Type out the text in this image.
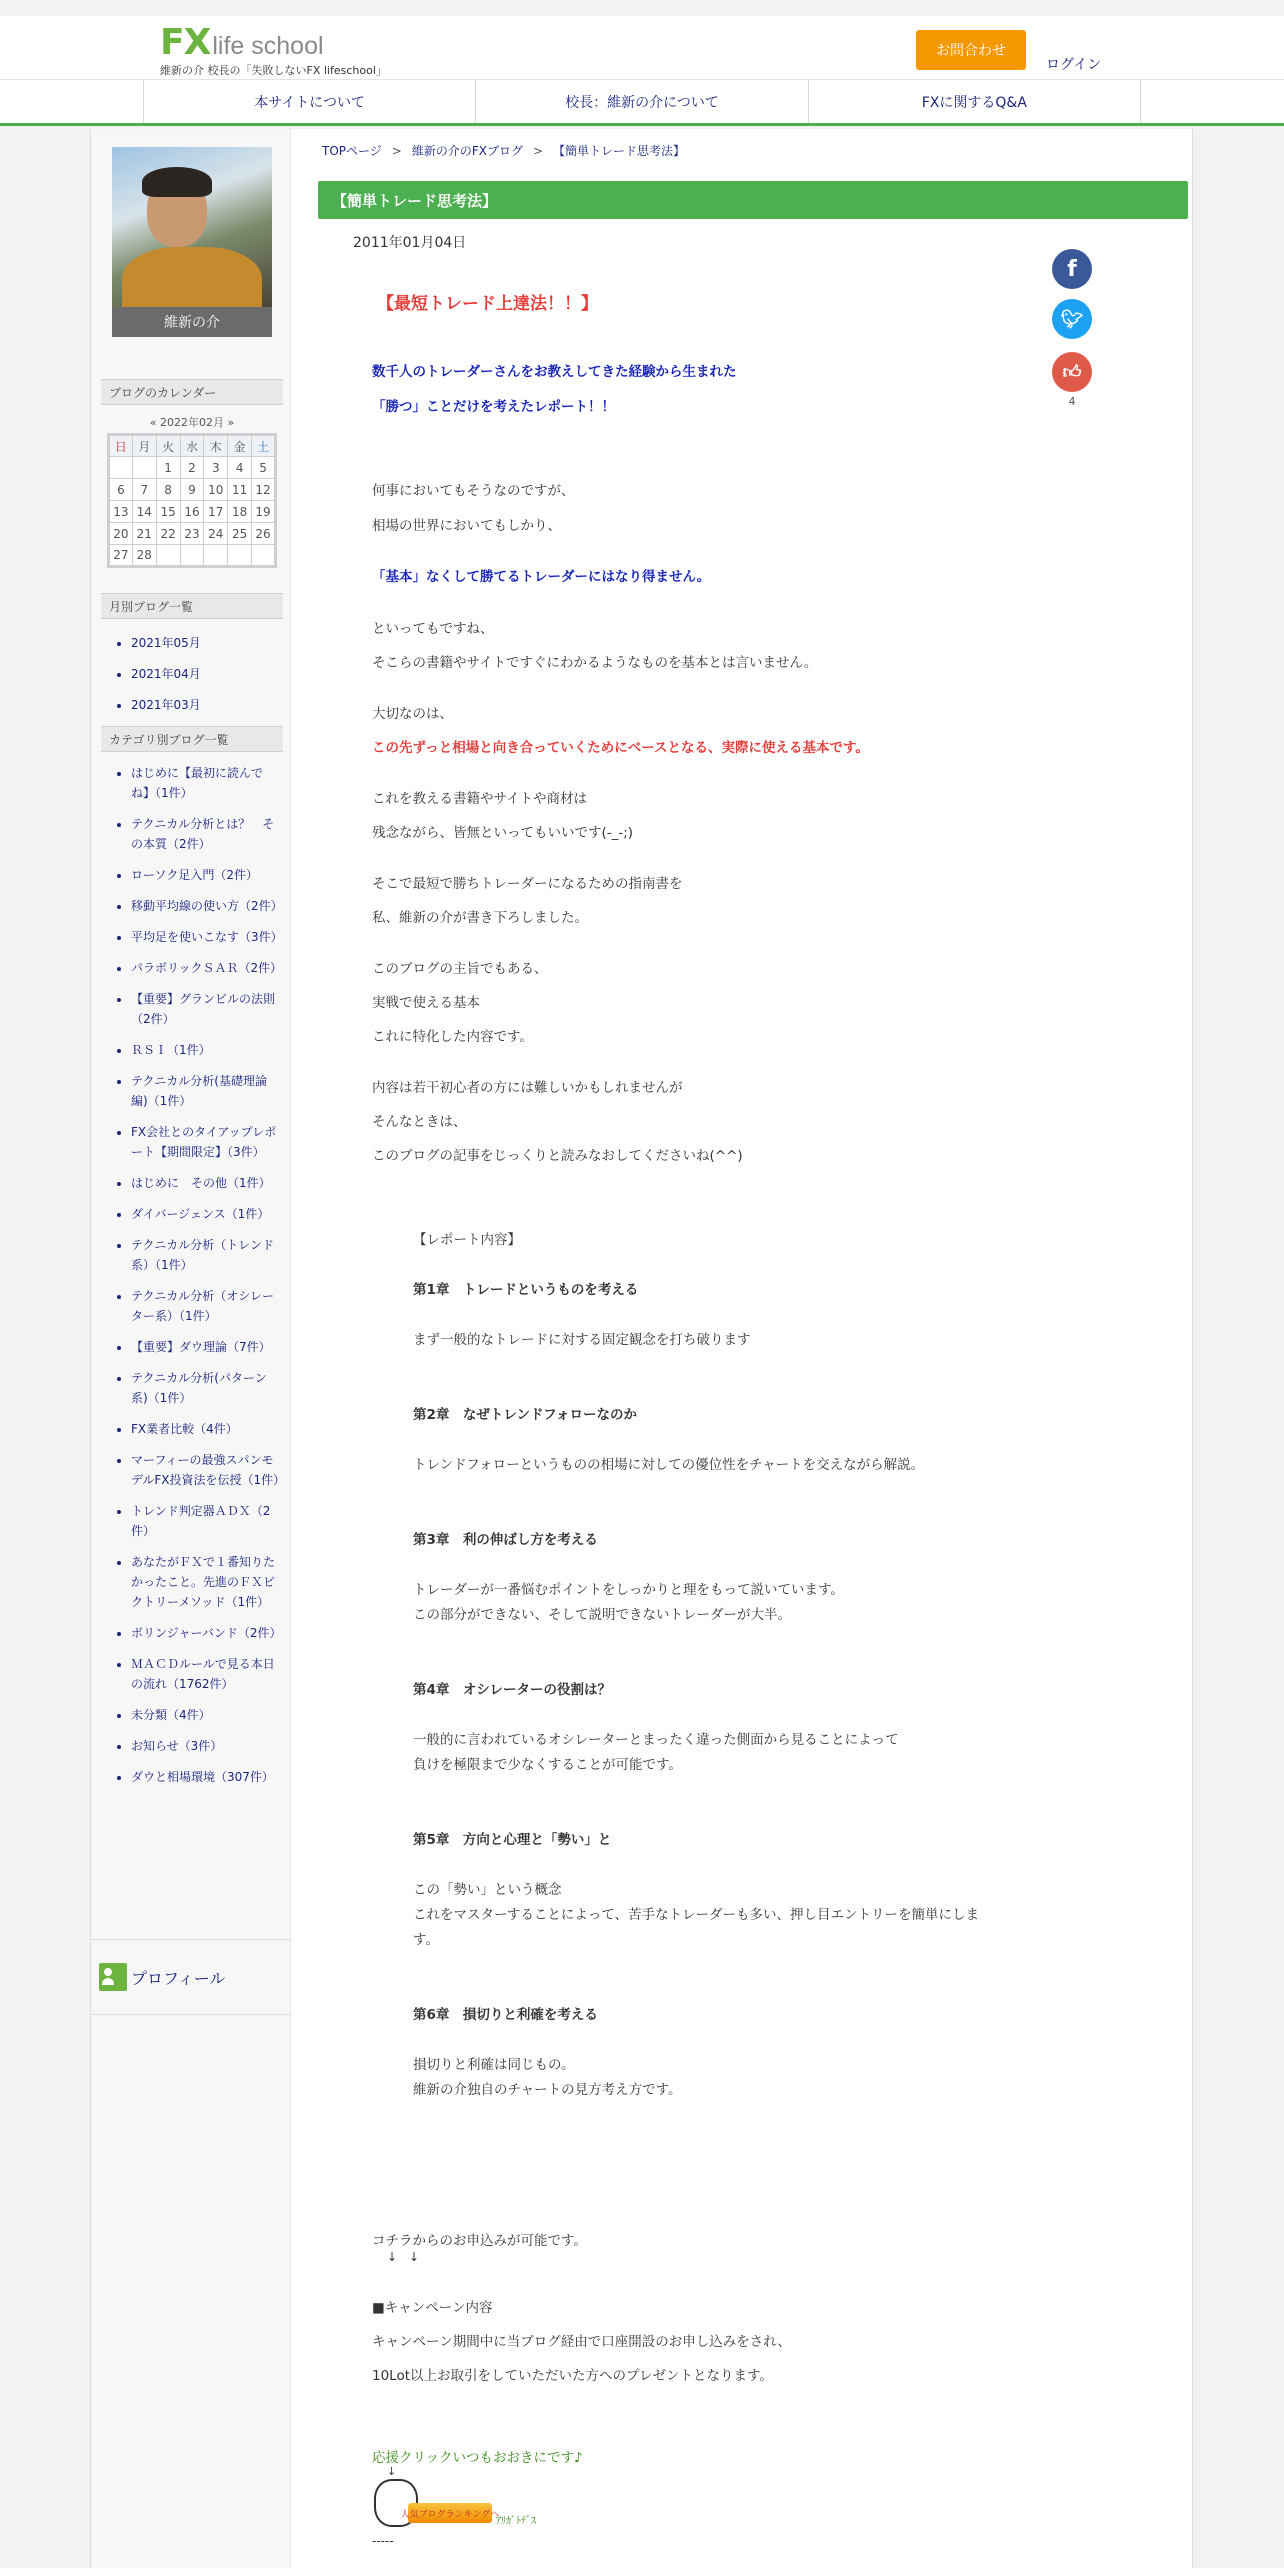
FXlife school
維新の介 校長の「失敗しないFX lifeschool」
お問合わせ
ログイン
本サイトについて	校長：維新の介について	FXに関するQ&A
維新の介
ブログのカレンダー
« 2022年02月 »
日	月	火	水	木	金	土
		1	2	3	4	5
6	7	8	9	10	11	12
13	14	15	16	17	18	19
20	21	22	23	24	25	26
27	28					
月別ブログ一覧
• 2021年05月
• 2021年04月
• 2021年03月
カテゴリ別ブログ一覧
• はじめに【最初に読んでね】（1件）
• テクニカル分析とは？　その本質（2件）
• ローソク足入門（2件）
• 移動平均線の使い方（2件）
• 平均足を使いこなす（3件）
• パラボリックＳＡＲ（2件）
• 【重要】グランビルの法則（2件）
• ＲＳＩ（1件）
• テクニカル分析(基礎理論編)（1件）
• FX会社とのタイアップレポート【期間限定】（3件）
• はじめに　その他（1件）
• ダイバージェンス（1件）
• テクニカル分析（トレンド系）（1件）
• テクニカル分析（オシレーター系）（1件）
• 【重要】ダウ理論（7件）
• テクニカル分析(パターン系)（1件）
• FX業者比較（4件）
• マーフィーの最強スパンモデルFX投資法を伝授（1件）
• トレンド判定器ＡＤＸ（2件）
• あなたがＦＸで１番知りたかったこと。先進のＦＸビクトリーメソッド（1件）
• ボリンジャーバンド（2件）
• ＭＡＣＤルールで見る本日の流れ（1762件）
• 未分類（4件）
• お知らせ（3件）
• ダウと相場環境（307件）
プロフィール
TOPページ > 維新の介のFXブログ > 【簡単トレード思考法】
【簡単トレード思考法】
2011年01月04日
f
🐦︎
👍︎
4
【最短トレード上達法！！】
数千人のトレーダーさんをお教えしてきた経験から生まれた
「勝つ」ことだけを考えたレポート！！
何事においてもそうなのですが、
相場の世界においてもしかり、
「基本」なくして勝てるトレーダーにはなり得ません。
といってもですね、
そこらの書籍やサイトですぐにわかるようなものを基本とは言いません。
大切なのは、
この先ずっと相場と向き合っていくためにベースとなる、実際に使える基本です。
これを教える書籍やサイトや商材は
残念ながら、皆無といってもいいです(-_-;)
そこで最短で勝ちトレーダーになるための指南書を
私、維新の介が書き下ろしました。
このブログの主旨でもある、
実戦で使える基本
これに特化した内容です。
内容は若干初心者の方には難しいかもしれませんが
そんなときは、
このブログの記事をじっくりと読みなおしてくださいね(^^)
【レポート内容】
第1章　トレードというものを考える
まず一般的なトレードに対する固定観念を打ち破ります
第2章　なぜトレンドフォローなのか
トレンドフォローというものの相場に対しての優位性をチャートを交えながら解説。
第3章　利の伸ばし方を考える
トレーダーが一番悩むポイントをしっかりと理をもって説いています。
この部分ができない、そして説明できないトレーダーが大半。
第4章　オシレーターの役割は？
一般的に言われているオシレーターとまったく違った側面から見ることによって
負けを極限まで少なくすることが可能です。
第5章　方向と心理と「勢い」と
この「勢い」という概念
これをマスターすることによって、苦手なトレーダーも多い、押し目エントリーを簡単にしま
す。
第6章　損切りと利確を考える
損切りと利確は同じもの。
維新の介独自のチャートの見方考え方です。
コチラからのお申込みが可能です。
↓　↓
■キャンペーン内容
キャンペーン期間中に当ブログ経由で口座開設のお申し込みをされ、
10Lot以上お取引をしていただいた方へのプレゼントとなります。
応援クリックいつもおおきにです♪
↓
人気ブログランキングへ
ｱﾘｶﾞﾄﾃﾞｽ
-----
